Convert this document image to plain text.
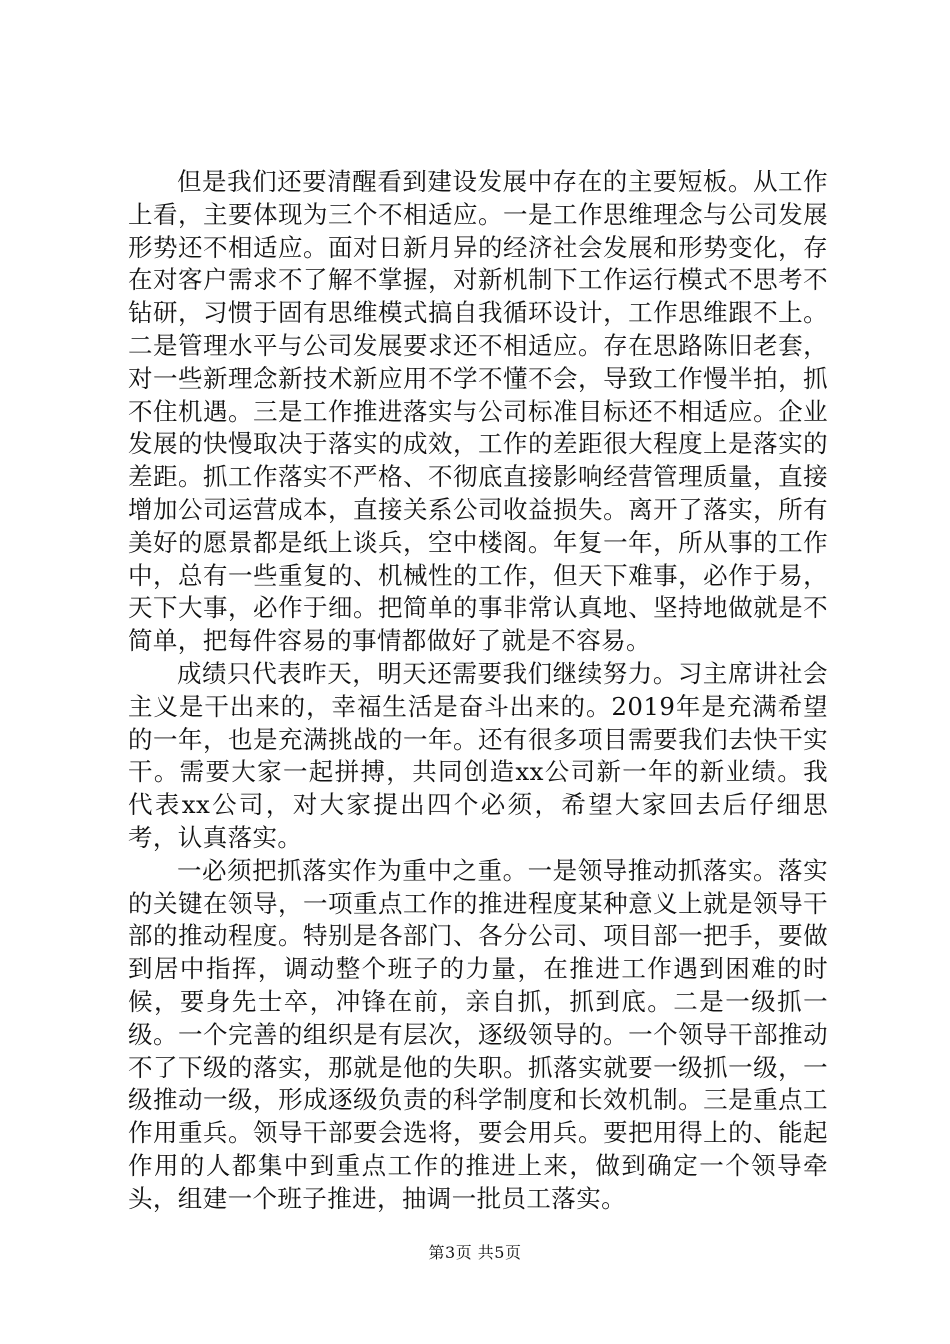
但是我们还要清醒看到建设发展中存在的主要短板。从工作上看，主要体现为三个不相适应。一是工作思维理念与公司发展形势还不相适应。面对日新月异的经济社会发展和形势变化，存在对客户需求不了解不掌握，对新机制下工作运行模式不思考不钻研，习惯于固有思维模式搞自我循环设计，工作思维跟不上。二是管理水平与公司发展要求还不相适应。存在思路陈旧老套，对一些新理念新技术新应用不学不懂不会，导致工作慢半拍，抓不住机遇。三是工作推进落实与公司标准目标还不相适应。企业发展的快慢取决于落实的成效，工作的差距很大程度上是落实的差距。抓工作落实不严格、不彻底直接影响经营管理质量，直接增加公司运营成本，直接关系公司收益损失。离开了落实，所有美好的愿景都是纸上谈兵，空中楼阁。年复一年，所从事的工作中，总有一些重复的、机械性的工作，但天下难事，必作于易，天下大事，必作于细。把简单的事非常认真地、坚持地做就是不简单，把每件容易的事情都做好了就是不容易。

成绩只代表昨天，明天还需要我们继续努力。习主席讲社会主义是干出来的，幸福生活是奋斗出来的。2019年是充满希望的一年，也是充满挑战的一年。还有很多项目需要我们去快干实干。需要大家一起拼搏，共同创造xx公司新一年的新业绩。我代表xx公司，对大家提出四个必须，希望大家回去后仔细思考，认真落实。

一必须把抓落实作为重中之重。一是领导推动抓落实。落实的关键在领导，一项重点工作的推进程度某种意义上就是领导干部的推动程度。特别是各部门、各分公司、项目部一把手，要做到居中指挥，调动整个班子的力量，在推进工作遇到困难的时候，要身先士卒，冲锋在前，亲自抓，抓到底。二是一级抓一级。一个完善的组织是有层次，逐级领导的。一个领导干部推动不了下级的落实，那就是他的失职。抓落实就要一级抓一级，一级推动一级，形成逐级负责的科学制度和长效机制。三是重点工作用重兵。领导干部要会选将，要会用兵。要把用得上的、能起作用的人都集中到重点工作的推进上来，做到确定一个领导牵头，组建一个班子推进，抽调一批员工落实。

第3页 共5页
